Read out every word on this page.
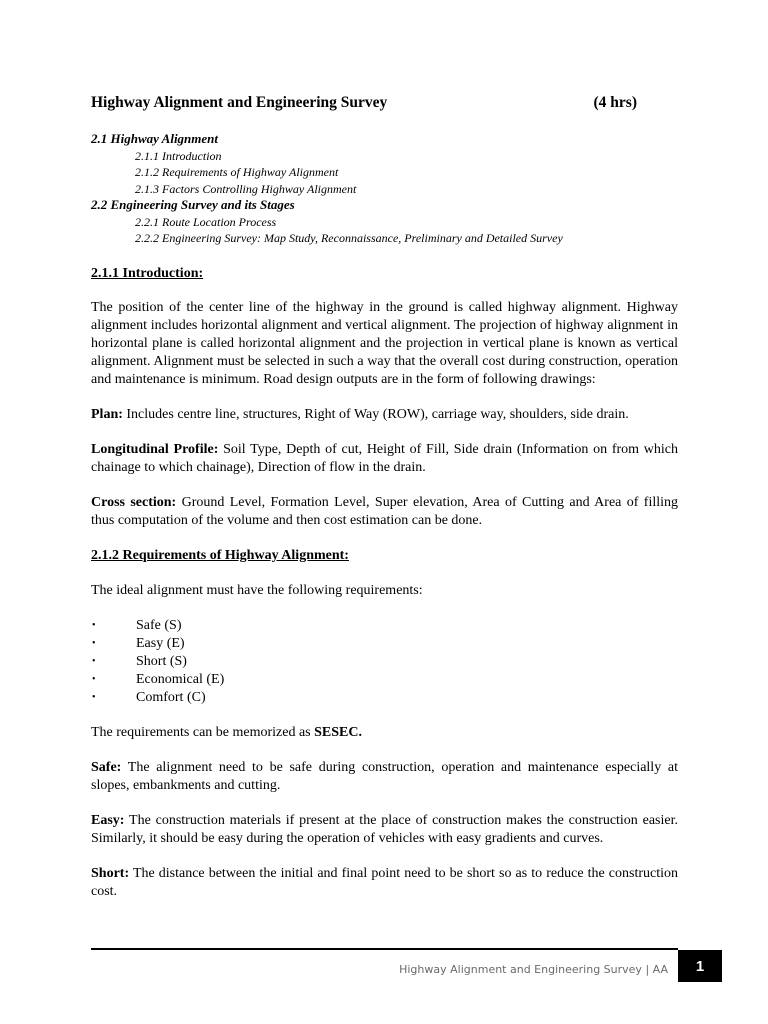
Highway Alignment and Engineering Survey	(4 hrs)
2.1 Highway Alignment
2.1.1 Introduction
2.1.2 Requirements of Highway Alignment
2.1.3 Factors Controlling Highway Alignment
2.2 Engineering Survey and its Stages
2.2.1 Route Location Process
2.2.2 Engineering Survey: Map Study, Reconnaissance, Preliminary and Detailed Survey
2.1.1 Introduction:

The position of the center line of the highway in the ground is called highway alignment. Highway alignment includes horizontal alignment and vertical alignment. The projection of highway alignment in horizontal plane is called horizontal alignment and the projection in vertical plane is known as vertical alignment. Alignment must be selected in such a way that the overall cost during construction, operation and maintenance is minimum. Road design outputs are in the form of following drawings:

Plan: Includes centre line, structures, Right of Way (ROW), carriage way, shoulders, side drain.

Longitudinal Profile: Soil Type, Depth of cut, Height of Fill, Side drain (Information on from which chainage to which chainage), Direction of flow in the drain.

Cross section: Ground Level, Formation Level, Super elevation, Area of Cutting and Area of filling thus computation of the volume and then cost estimation can be done.

2.1.2 Requirements of Highway Alignment:

The ideal alignment must have the following requirements:

•	Safe (S)
•	Easy (E)
•	Short (S)
•	Economical (E)
•	Comfort (C)

The requirements can be memorized as SESEC.

Safe: The alignment need to be safe during construction, operation and maintenance especially at slopes, embankments and cutting.

Easy: The construction materials if present at the place of construction makes the construction easier. Similarly, it should be easy during the operation of vehicles with easy gradients and curves.

Short: The distance between the initial and final point need to be short so as to reduce the construction cost.

Highway Alignment and Engineering Survey | AA	1
